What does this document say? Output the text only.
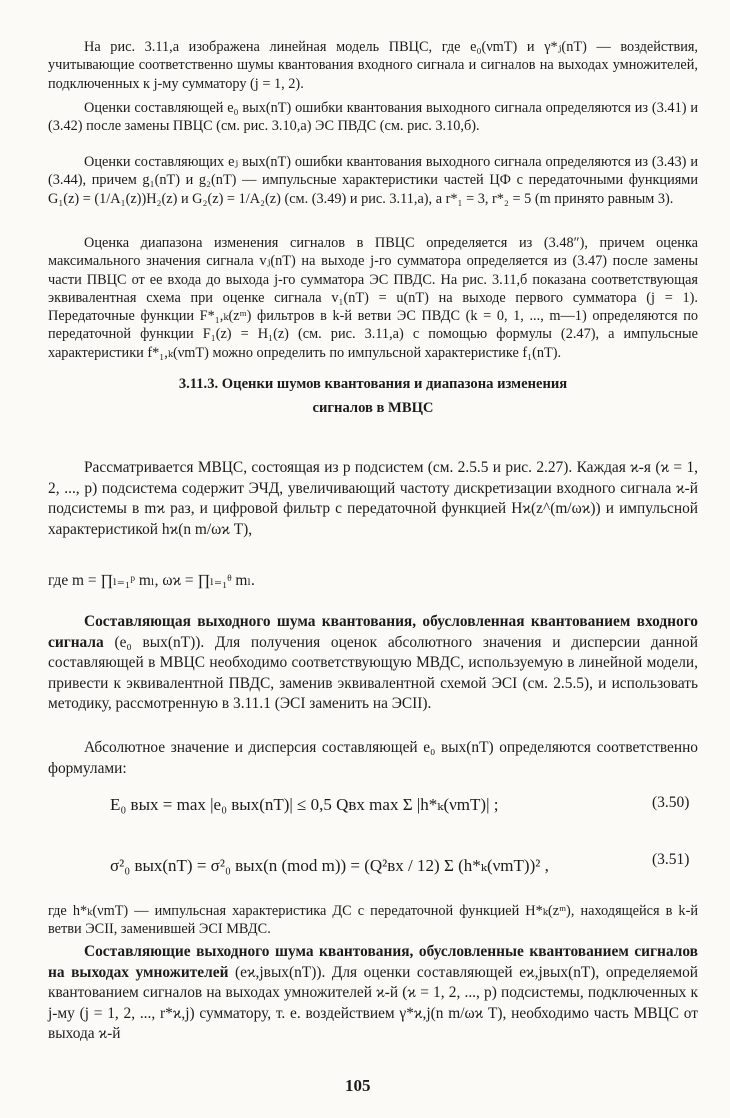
На рис. 3.11,а изображена линейная модель ПВЦС, где e₀(νmT) и γ*ⱼ(nT) — воздействия, учитывающие соответственно шумы квантования входного сигнала и сигналов на выходах умножителей, подключенных к j-му сумматору (j = 1, 2).

Оценки составляющей e₀ вых(nT) ошибки квантования выходного сигнала определяются из (3.41) и (3.42) после замены ПВЦС (см. рис. 3.10,а) ЭС ПВДС (см. рис. 3.10,б).

Оценки составляющих eⱼ вых(nT) ошибки квантования выходного сигнала определяются из (3.43) и (3.44), причем g₁(nT) и g₂(nT) — импульсные характеристики частей ЦФ с передаточными функциями G₁(z) = (1/A₁(z))H₂(z) и G₂(z) = 1/A₂(z) (см. (3.49) и рис. 3.11,а), а r*₁ = 3, r*₂ = 5 (m принято равным 3).

Оценка диапазона изменения сигналов в ПВЦС определяется из (3.48″), причем оценка максимального значения сигнала vⱼ(nT) на выходе j-го сумматора определяется из (3.47) после замены части ПВЦС от ее входа до выхода j-го сумматора ЭС ПВДС. На рис. 3.11,б показана соответствующая эквивалентная схема при оценке сигнала v₁(nT) = u(nT) на выходе первого сумматора (j = 1). Передаточные функции F*₁,ₖ(zᵐ) фильтров в k-й ветви ЭС ПВДС (k = 0, 1, ..., m—1) определяются по передаточной функции F₁(z) = H₁(z) (см. рис. 3.11,а) с помощью формулы (2.47), а импульсные характеристики f*₁,ₖ(νmT) можно определить по импульсной характеристике f₁(nT).

3.11.3. Оценки шумов квантования и диапазона изменения
сигналов в МВЦС

Рассматривается МВЦС, состоящая из p подсистем (см. 2.5.5 и рис. 2.27). Каждая ϰ-я (ϰ = 1, 2, ..., p) подсистема содержит ЭЧД, увеличивающий частоту дискретизации входного сигнала ϰ-й подсистемы в mϰ раз, и цифровой фильтр с передаточной функцией Hϰ(z^(m/ωϰ)) и импульсной характеристикой hϰ(n m/ωϰ T),

где m = ∏ₗ₌₁ᵖ mₗ, ωϰ = ∏ₗ₌₁ᶿ mₗ.

Составляющая выходного шума квантования, обусловленная квантованием входного сигнала (e₀ вых(nT)). Для получения оценок абсолютного значения и дисперсии данной составляющей в МВЦС необходимо соответствующую МВДС, используемую в линейной модели, привести к эквивалентной ПВДС, заменив эквивалентной схемой ЭСI (см. 2.5.5), и использовать методику, рассмотренную в 3.11.1 (ЭСI заменить на ЭСII).

Абсолютное значение и дисперсия составляющей e₀ вых(nT) определяются соответственно формулами:

E₀ вых = max |e₀ вых(nT)| ≤ 0,5 Qвх max Σ |h*ₖ(νmT)| ;	(3.50)
σ²₀ вых(nT) = σ²₀ вых(n (mod m)) = (Q²вх / 12) Σ (h*ₖ(νmT))² ,	(3.51)

где h*ₖ(νmT) — импульсная характеристика ДС с передаточной функцией H*ₖ(zᵐ), находящейся в k-й ветви ЭСII, заменившей ЭСI МВДС.

Составляющие выходного шума квантования, обусловленные квантованием сигналов на выходах умножителей (eϰ,jвых(nT)). Для оценки составляющей eϰ,jвых(nT), определяемой квантованием сигналов на выходах умножителей ϰ-й (ϰ = 1, 2, ..., p) подсистемы, подключенных к j-му (j = 1, 2, ..., r*ϰ,j) сумматору, т. е. воздействием γ*ϰ,j(n m/ωϰ T), необходимо часть МВЦС от выхода ϰ-й

105
